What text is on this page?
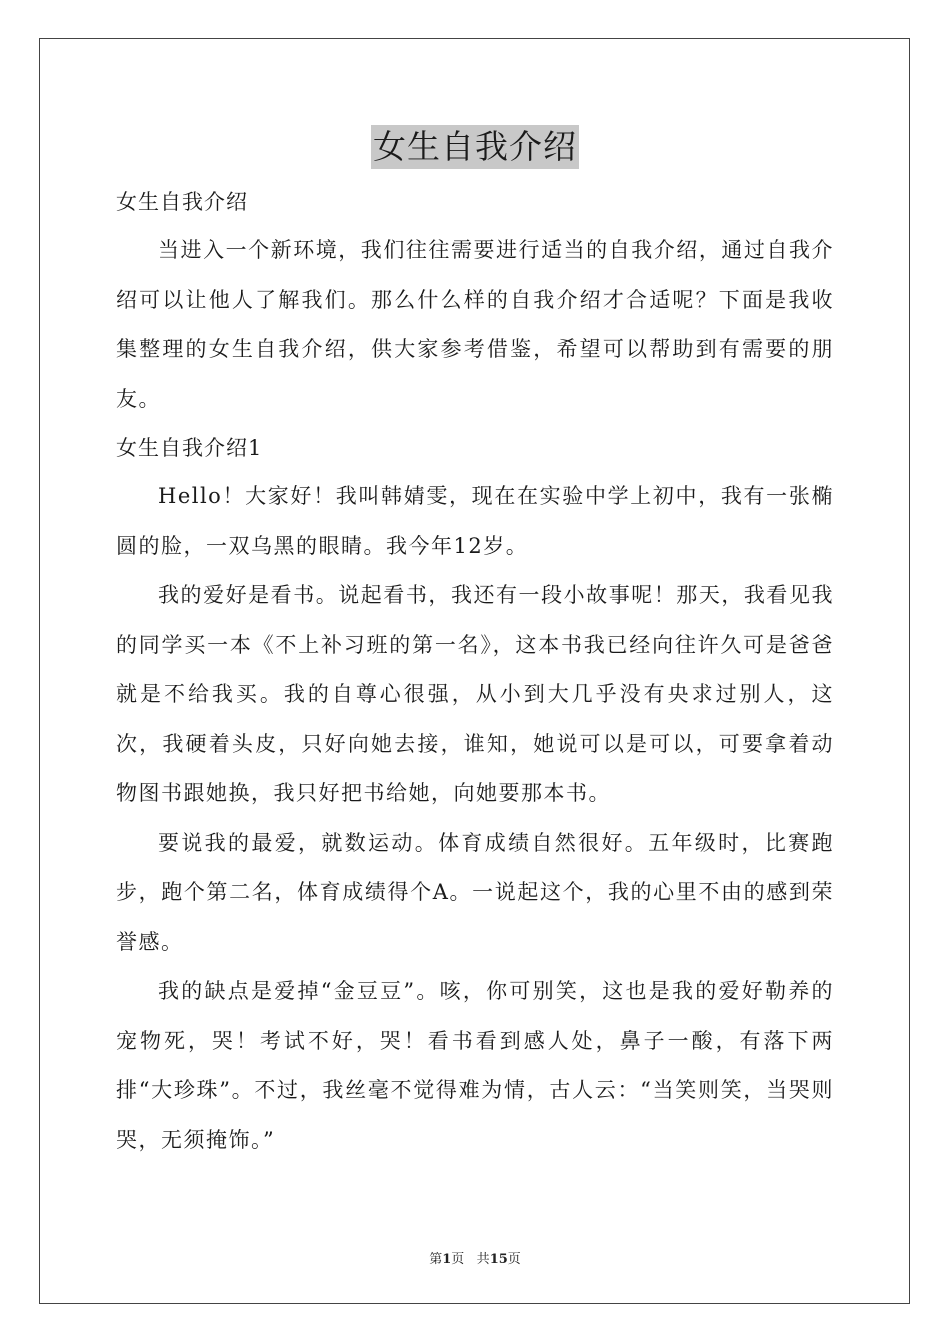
女生自我介绍

女生自我介绍

当进入一个新环境，我们往往需要进行适当的自我介绍，通过自我介绍可以让他人了解我们。那么什么样的自我介绍才合适呢？下面是我收集整理的女生自我介绍，供大家参考借鉴，希望可以帮助到有需要的朋友。

女生自我介绍1

Hello！大家好！我叫韩婧雯，现在在实验中学上初中，我有一张椭圆的脸，一双乌黑的眼睛。我今年12岁。

我的爱好是看书。说起看书，我还有一段小故事呢！那天，我看见我的同学买一本《不上补习班的第一名》，这本书我已经向往许久可是爸爸就是不给我买。我的自尊心很强，从小到大几乎没有央求过别人，这次，我硬着头皮，只好向她去接，谁知，她说可以是可以，可要拿着动物图书跟她换，我只好把书给她，向她要那本书。

要说我的最爱，就数运动。体育成绩自然很好。五年级时，比赛跑步，跑个第二名，体育成绩得个A。一说起这个，我的心里不由的感到荣誉感。

我的缺点是爱掉“金豆豆”。咳，你可别笑，这也是我的爱好勒养的宠物死，哭！考试不好，哭！看书看到感人处，鼻子一酸，有落下两排“大珍珠”。不过，我丝毫不觉得难为情，古人云：“当笑则笑，当哭则哭，无须掩饰。”

第1页 共15页
